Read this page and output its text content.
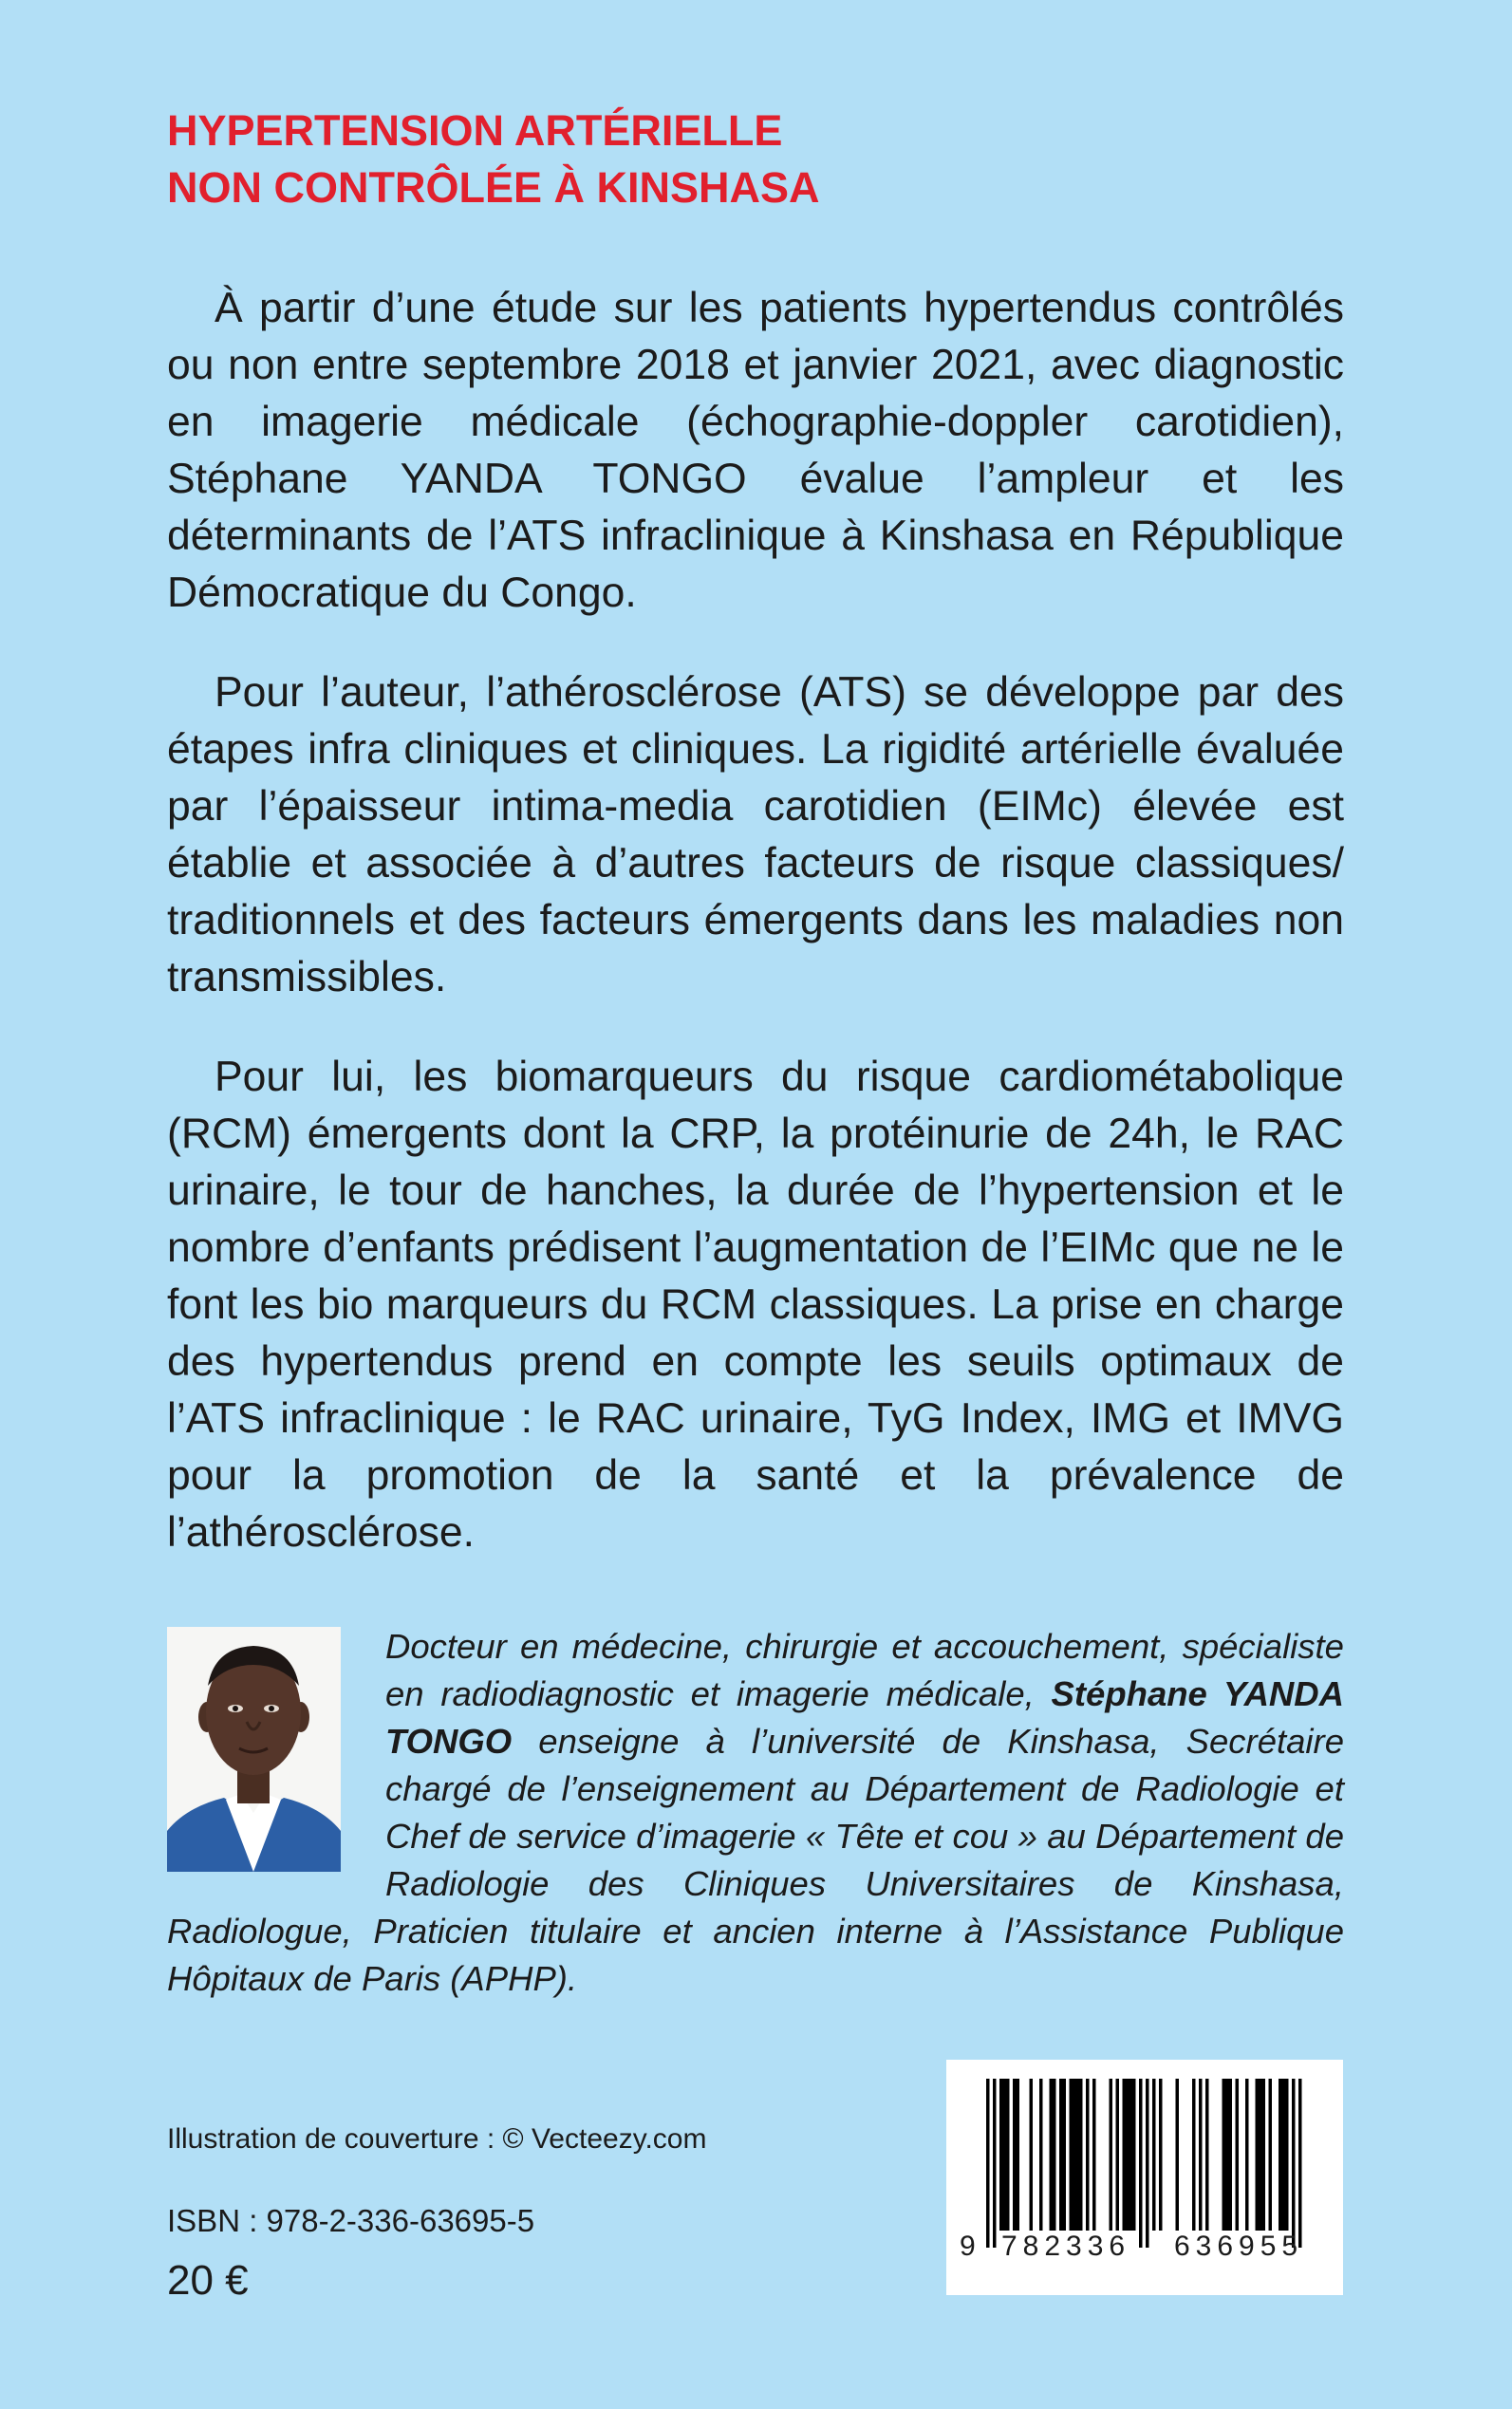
HYPERTENSION ARTÉRIELLE
NON CONTRÔLÉE À KINSHASA

À partir d’une étude sur les patients hypertendus contrôlés ou non entre septembre 2018 et janvier 2021, avec diagnostic en imagerie médicale (échographie-doppler carotidien), Stéphane YANDA TONGO évalue l’ampleur et les déterminants de l’ATS infraclinique à Kinshasa en République Démocratique du Congo.

Pour l’auteur, l’athérosclérose (ATS) se développe par des étapes infra cliniques et cliniques. La rigidité artérielle évaluée par l’épaisseur intima-media carotidien (EIMc) élevée est établie et associée à d’autres facteurs de risque classiques/ traditionnels et des facteurs émergents dans les maladies non transmissibles.

Pour lui, les biomarqueurs du risque cardiométabolique (RCM) émergents dont la CRP, la protéinurie de 24h, le RAC urinaire, le tour de hanches, la durée de l’hypertension et le nombre d’enfants prédisent l’augmentation de l’EIMc que ne le font les bio marqueurs du RCM classiques. La prise en charge des hypertendus prend en compte les seuils optimaux de l’ATS infraclinique : le RAC urinaire, TyG Index, IMG et IMVG pour la promotion de la santé et la prévalence de l’athérosclérose.

Docteur en médecine, chirurgie et accouchement, spécialiste en radiodiagnostic et imagerie médicale, Stéphane YANDA TONGO enseigne à l’université de Kinshasa, Secrétaire chargé de l’enseignement au Département de Radiologie et Chef de service d’imagerie « Tête et cou » au Département de Radiologie des Cliniques Universitaires de Kinshasa, Radiologue, Praticien titulaire et ancien interne à l’Assistance Publique Hôpitaux de Paris (APHP).

Illustration de couverture : © Vecteezy.com

ISBN : 978-2-336-63695-5

20 €

9 782336 636955
